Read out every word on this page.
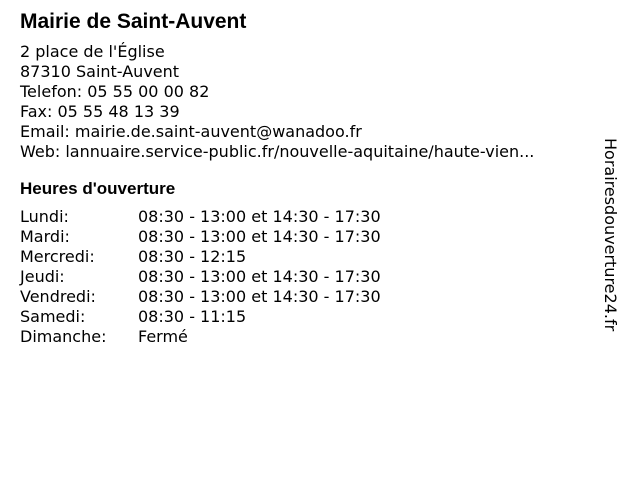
Mairie de Saint-Auvent
2 place de l'Église
87310 Saint-Auvent
Telefon: 05 55 00 00 82
Fax: 05 55 48 13 39
Email: mairie.de.saint-auvent@wanadoo.fr
Web: lannuaire.service-public.fr/nouvelle-aquitaine/haute-vien...
Heures d'ouverture
Lundi:	08:30 - 13:00 et 14:30 - 17:30
Mardi:	08:30 - 13:00 et 14:30 - 17:30
Mercredi:	08:30 - 12:15
Jeudi:	08:30 - 13:00 et 14:30 - 17:30
Vendredi:	08:30 - 13:00 et 14:30 - 17:30
Samedi:	08:30 - 11:15
Dimanche:	Fermé
Horairesdouverture24.fr
